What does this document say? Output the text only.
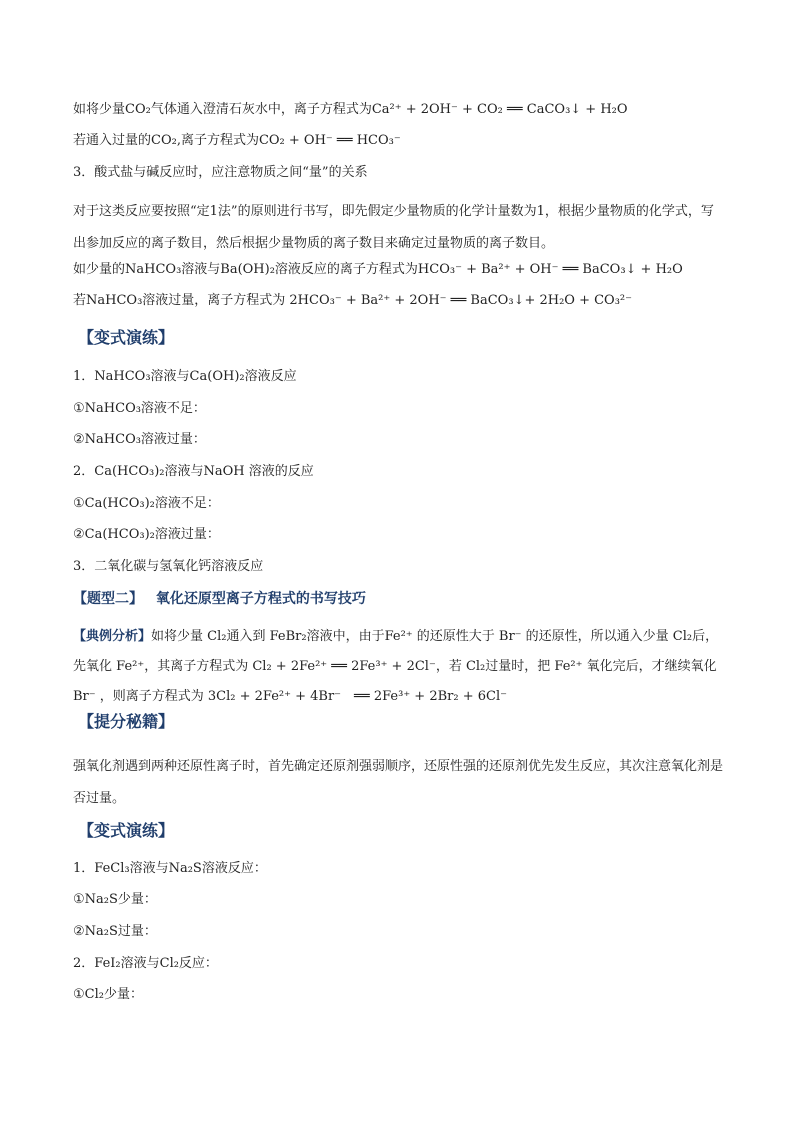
如将少量CO₂气体通入澄清石灰水中，离子方程式为Ca²⁺ + 2OH⁻ + CO₂ ══ CaCO₃↓ + H₂O
若通入过量的CO₂,离子方程式为CO₂ + OH⁻ ══ HCO₃⁻
3．酸式盐与碱反应时，应注意物质之间“量”的关系
对于这类反应要按照“定1法”的原则进行书写，即先假定少量物质的化学计量数为1，根据少量物质的化学式，写出参加反应的离子数目，然后根据少量物质的离子数目来确定过量物质的离子数目。
如少量的NaHCO₃溶液与Ba(OH)₂溶液反应的离子方程式为HCO₃⁻ + Ba²⁺ + OH⁻ ══ BaCO₃↓ + H₂O
若NaHCO₃溶液过量，离子方程式为 2HCO₃⁻ + Ba²⁺ + 2OH⁻ ══ BaCO₃↓+ 2H₂O + CO₃²⁻
【变式演练】
1．NaHCO₃溶液与Ca(OH)₂溶液反应
①NaHCO₃溶液不足：
②NaHCO₃溶液过量：
2．Ca(HCO₃)₂溶液与NaOH 溶液的反应
①Ca(HCO₃)₂溶液不足：
②Ca(HCO₃)₂溶液过量：
3．二氧化碳与氢氧化钙溶液反应
【题型二】 氧化还原型离子方程式的书写技巧
【典例分析】如将少量 Cl₂通入到 FeBr₂溶液中，由于Fe²⁺ 的还原性大于 Br⁻ 的还原性，所以通入少量 Cl₂后，先氧化 Fe²⁺，其离子方程式为 Cl₂ + 2Fe²⁺ ══ 2Fe³⁺ + 2Cl⁻，若 Cl₂过量时，把 Fe²⁺ 氧化完后，才继续氧化 Br⁻ ，则离子方程式为 3Cl₂ + 2Fe²⁺ + 4Br⁻　══ 2Fe³⁺ + 2Br₂ + 6Cl⁻
【提分秘籍】
强氧化剂遇到两种还原性离子时，首先确定还原剂强弱顺序，还原性强的还原剂优先发生反应，其次注意氧化剂是否过量。
【变式演练】
1．FeCl₃溶液与Na₂S溶液反应：
①Na₂S少量：
②Na₂S过量：
2．FeI₂溶液与Cl₂反应：
①Cl₂少量：
